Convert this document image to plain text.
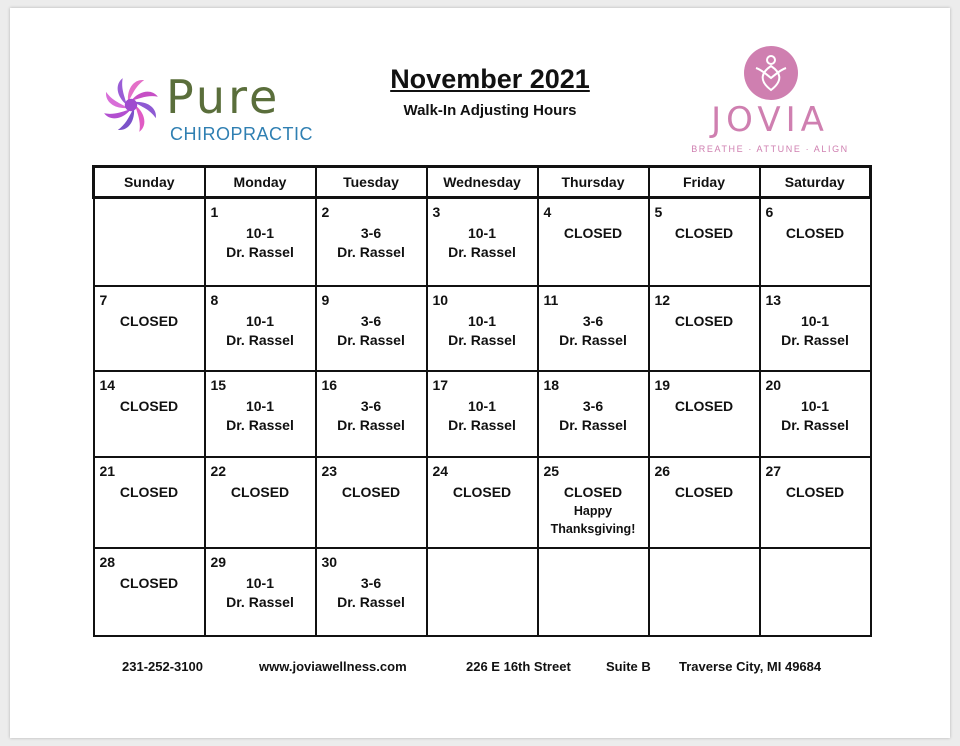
Pure
CHIROPRACTIC
November 2021
Walk-In Adjusting Hours	JOVIA
BREATHE · ATTUNE · ALIGN
Sunday	Monday	Tuesday	Wednesday	Thursday	Friday	Saturday

	1
10-1
Dr. Rassel	2
3-6
Dr. Rassel	3
10-1
Dr. Rassel	4
CLOSED	5
CLOSED	6
CLOSED

7
CLOSED	8
10-1
Dr. Rassel	9
3-6
Dr. Rassel	10
10-1
Dr. Rassel	11
3-6
Dr. Rassel	12
CLOSED	13
10-1
Dr. Rassel

14
CLOSED	15
10-1
Dr. Rassel	16
3-6
Dr. Rassel	17
10-1
Dr. Rassel	18
3-6
Dr. Rassel	19
CLOSED	20
10-1
Dr. Rassel

21
CLOSED	22
CLOSED	23
CLOSED	24
CLOSED	25
CLOSED
Happy
Thanksgiving!	26
CLOSED	27
CLOSED

28
CLOSED	29
10-1
Dr. Rassel	30
3-6
Dr. Rassel				

231-252-3100	www.joviawellness.com	226 E 16th Street	Suite B Traverse City, MI 49684
